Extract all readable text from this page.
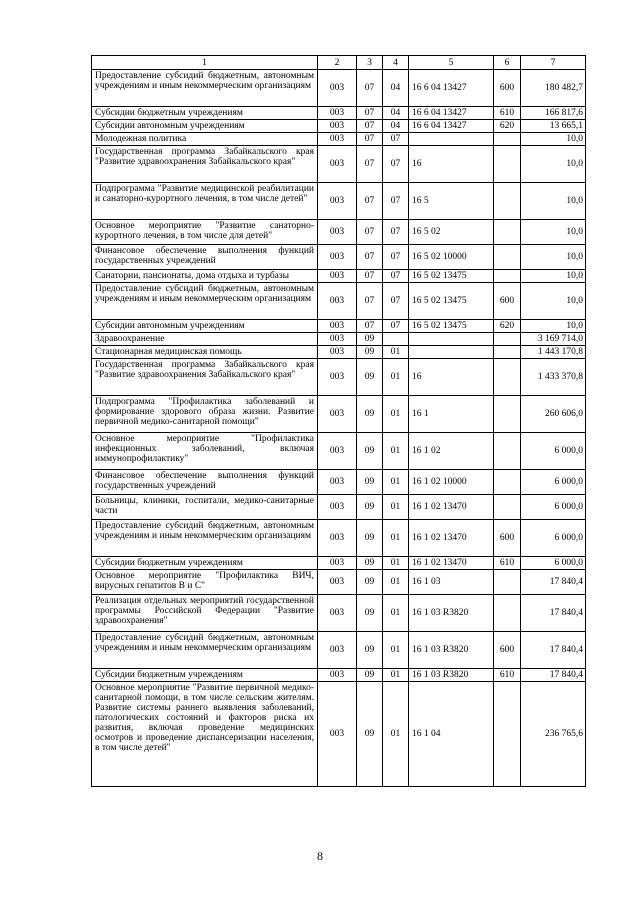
1	2	3	4	5	6	7
Предоставление субсидий бюджетным, автономным учреждениям и иным некоммерческим организациям	003	07	04	16 6 04 13427	600	180 482,7
Субсидии бюджетным учреждениям	003	07	04	16 6 04 13427	610	166 817,6
Субсидии автономным учреждениям	003	07	04	16 6 04 13427	620	13 665,1
Молодежная политика	003	07	07			10,0
Государственная программа Забайкальского края "Развитие здравоохранения Забайкальского края"	003	07	07	16		10,0
Подпрограмма "Развитие медицинской реабилитации и санаторно-курортного лечения, в том числе детей"	003	07	07	16 5		10,0
Основное мероприятие "Развитие санаторно-курортного лечения, в том числе для детей"	003	07	07	16 5 02		10,0
Финансовое обеспечение выполнения функций государственных учреждений	003	07	07	16 5 02 10000		10,0
Санатории, пансионаты, дома отдыха и турбазы	003	07	07	16 5 02 13475		10,0
Предоставление субсидий бюджетным, автономным учреждениям и иным некоммерческим организациям	003	07	07	16 5 02 13475	600	10,0
Субсидии автономным учреждениям	003	07	07	16 5 02 13475	620	10,0
Здравоохранение	003	09				3 169 714,0
Стационарная медицинская помощь	003	09	01			1 443 170,8
Государственная программа Забайкальского края "Развитие здравоохранения Забайкальского края"	003	09	01	16		1 433 370,8
Подпрограмма "Профилактика заболеваний и формирование здорового образа жизни. Развитие первичной медико-санитарной помощи"	003	09	01	16 1		260 606,0
Основное мероприятие "Профилактика инфекционных заболеваний, включая иммунопрофилактику"	003	09	01	16 1 02		6 000,0
Финансовое обеспечение выполнения функций государственных учреждений	003	09	01	16 1 02 10000		6 000,0
Больницы, клиники, госпитали, медико-санитарные части	003	09	01	16 1 02 13470		6 000,0
Предоставление субсидий бюджетным, автономным учреждениям и иным некоммерческим организациям	003	09	01	16 1 02 13470	600	6 000,0
Субсидии бюджетным учреждениям	003	09	01	16 1 02 13470	610	6 000,0
Основное мероприятие "Профилактика ВИЧ, вирусных гепатитов В и С"	003	09	01	16 1 03		17 840,4
Реализация отдельных мероприятий государственной программы Российской Федерации "Развитие здравоохранения"	003	09	01	16 1 03 R3820		17 840,4
Предоставление субсидий бюджетным, автономным учреждениям и иным некоммерческим организациям	003	09	01	16 1 03 R3820	600	17 840,4
Субсидии бюджетным учреждениям	003	09	01	16 1 03 R3820	610	17 840,4
Основное мероприятие "Развитие первичной медико-санитарной помощи, в том числе сельским жителям. Развитие системы раннего выявления заболеваний, патологических состояний и факторов риска их развития, включая проведение медицинских осмотров и проведение диспансеризации населения, в том числе детей"	003	09	01	16 1 04		236 765,6
8
